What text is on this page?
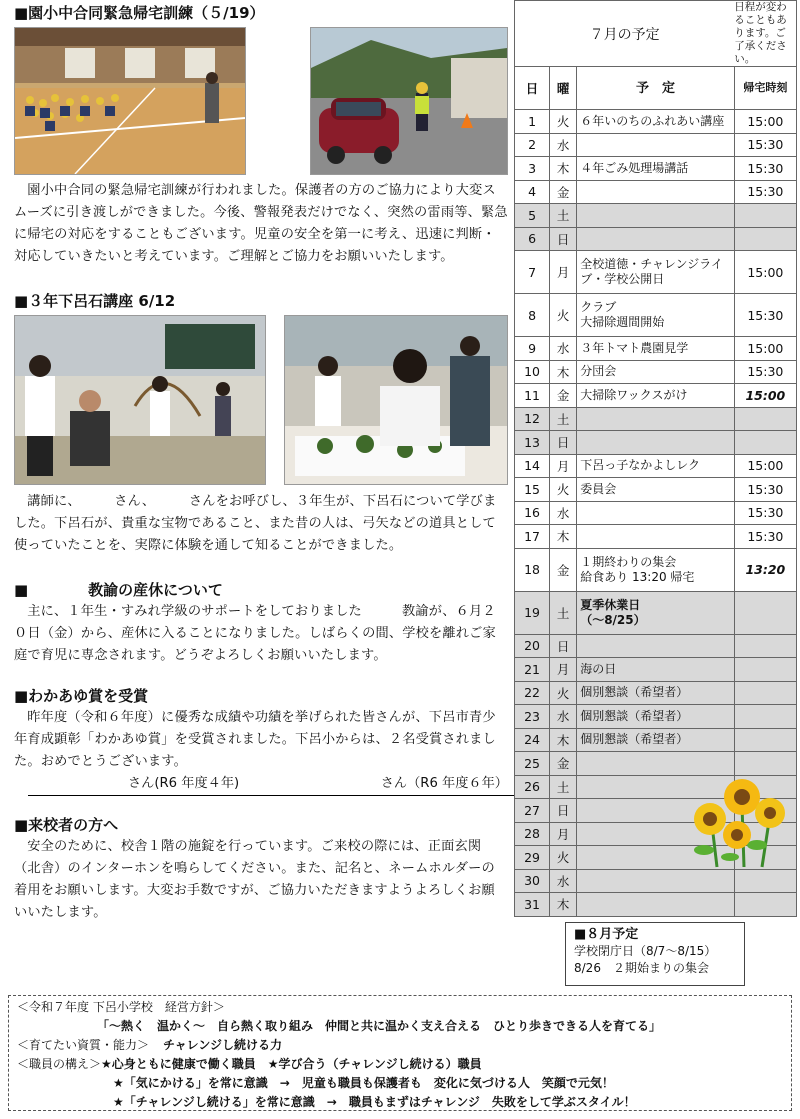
■園小中合同緊急帰宅訓練（５/19）

園小中合同の緊急帰宅訓練が行われました。保護者の方のご協力により大変スムーズに引き渡しができました。今後、警報発表だけでなく、突然の雷雨等、緊急に帰宅の対応をすることもございます。児童の安全を第一に考え、迅速に判断・対応していきたいと考えています。ご理解とご協力をお願いいたします。

■３年下呂石講座 6/12

講師に、　　　さん、　　　さんをお呼びし、３年生が、下呂石について学びました。下呂石が、貴重な宝物であること、また昔の人は、弓矢などの道具として使っていたことを、実際に体験を通して知ることができました。

■　　　　教諭の産休について

主に、１年生・すみれ学級のサポートをしておりました　　　教諭が、６月２０日（金）から、産休に入ることになりました。しばらくの間、学校を離れご家庭で育児に専念されます。どうぞよろしくお願いいたします。

■わかあゆ賞を受賞

昨年度（令和６年度）に優秀な成績や功績を挙げられた皆さんが、下呂市青少年育成顕彰「わかあゆ賞」を受賞されました。下呂小からは、２名受賞されました。おめでとうございます。

さん(R6 年度４年)	さん（R6 年度６年）
■来校者の方へ

安全のために、校舎１階の施錠を行っています。ご来校の際には、正面玄関（北舎）のインターホンを鳴らしてください。また、記名と、ネームホルダーの着用をお願いします。大変お手数ですが、ご協力いただきますようよろしくお願いいたします。

７月の予定			日程が変わることもあります。ご了承ください。
日	曜	予　定	帰宅時刻
1	火	６年いのちのふれあい講座	15:00
2	水		15:30
3	木	４年ごみ処理場講話	15:30
4	金		15:30
5	土		
6	日		
7	月	全校道徳・チャレンジライブ・学校公開日	15:00
8	火	クラブ
大掃除週間開始	15:30
9	水	３年トマト農園見学	15:00
10	木	分団会	15:30
11	金	大掃除ワックスがけ	15:00
12	土		
13	日		
14	月	下呂っ子なかよしレク	15:00
15	火	委員会	15:30
16	水		15:30
17	木		15:30
18	金	１期終わりの集会
給食あり 13:20 帰宅	13:20
19	土	夏季休業日
（～8/25）	
20	日		
21	月	海の日	
22	火	個別懇談（希望者）	
23	水	個別懇談（希望者）	
24	木	個別懇談（希望者）	
25	金		
26	土		
27	日		
28	月		
29	火		
30	水		
31	木		
■８月予定
学校閉庁日（8/7～8/15）
8/26　２期始まりの集会
＜令和７年度 下呂小学校　経営方針＞
「～熱く　温かく～　自ら熱く取り組み　仲間と共に温かく支え合える　ひとり歩きできる人を育てる」
＜育てたい資質・能力＞ チャレンジし続ける力
＜職員の構え＞★心身ともに健康で働く職員　★学び合う（チャレンジし続ける）職員
★「気にかける」を常に意識　→　児童も職員も保護者も　変化に気づける人　笑顔で元気！
★「チャレンジし続ける」を常に意識　→　職員もまずはチャレンジ　失敗をして学ぶスタイル！
